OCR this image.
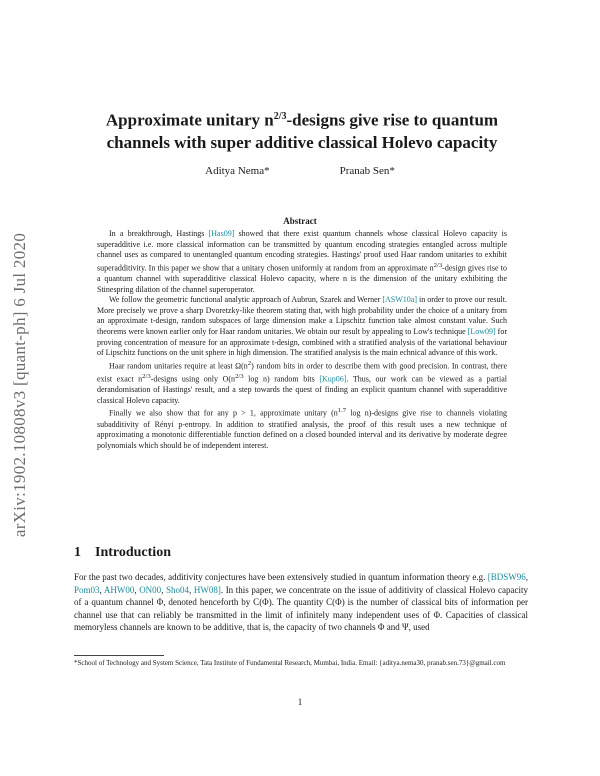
arXiv:1902.10808v3 [quant-ph] 6 Jul 2020
Approximate unitary $n^{2/3}$-designs give rise to quantum
channels with super additive classical Holevo capacity
Aditya Nema*	Pranab Sen*
Abstract

In a breakthrough, Hastings [Has09] showed that there exist quantum channels whose classical Holevo capacity is superadditive i.e. more classical information can be transmitted by quantum encoding strategies entangled across multiple channel uses as compared to unentangled quantum encoding strategies. Hastings' proof used Haar random unitaries to exhibit superadditivity. In this paper we show that a unitary chosen uniformly at random from an approximate $n^{2/3}$-design gives rise to a quantum channel with superadditive classical Holevo capacity, where n is the dimension of the unitary exhibiting the Stinespring dilation of the channel superoperator.

We follow the geometric functional analytic approach of Aubrun, Szarek and Werner [ASW10a] in order to prove our result. More precisely we prove a sharp Dvoretzky-like theorem stating that, with high probability under the choice of a unitary from an approximate t-design, random subspaces of large dimension make a Lipschitz function take almost constant value. Such theorems were known earlier only for Haar random unitaries. We obtain our result by appealing to Low's technique [Low09] for proving concentration of measure for an approximate t-design, combined with a stratified analysis of the variational behaviour of Lipschitz functions on the unit sphere in high dimension. The stratified analysis is the main echnical advance of this work.

Haar random unitaries require at least $\Omega(n^2)$ random bits in order to describe them with good precision. In contrast, there exist exact $n^{2/3}$-designs using only $O(n^{2/3}$ log n) random bits [Kup06]. Thus, our work can be viewed as a partial derandomisation of Hastings' result, and a step towards the quest of finding an explicit quantum channel with superadditive classical Holevo capacity.

Finally we also show that for any p > 1, approximate unitary ($n^{1.7}$ log n)-designs give rise to channels violating subadditivity of Rényi p-entropy. In addition to stratified analysis, the proof of this result uses a new technique of approximating a monotonic differentiable function defined on a closed bounded interval and its derivative by moderate degree polynomials which should be of independent interest.

1 Introduction

For the past two decades, additivity conjectures have been extensively studied in quantum information theory e.g. [BDSW96, Pom03, AHW00, ON00, Sho04, HW08]. In this paper, we concentrate on the issue of additivity of classical Holevo capacity of a quantum channel Φ, denoted henceforth by C(Φ). The quantity C(Φ) is the number of classical bits of information per channel use that can reliably be transmitted in the limit of infinitely many independent uses of Φ. Capacities of classical memoryless channels are known to be additive, that is, the capacity of two channels Φ and Ψ, used

*School of Technology and System Science, Tata Institute of Fundamental Research, Mumbai, India. Email: {aditya.nema30, pranab.sen.73}@gmail.com
1
